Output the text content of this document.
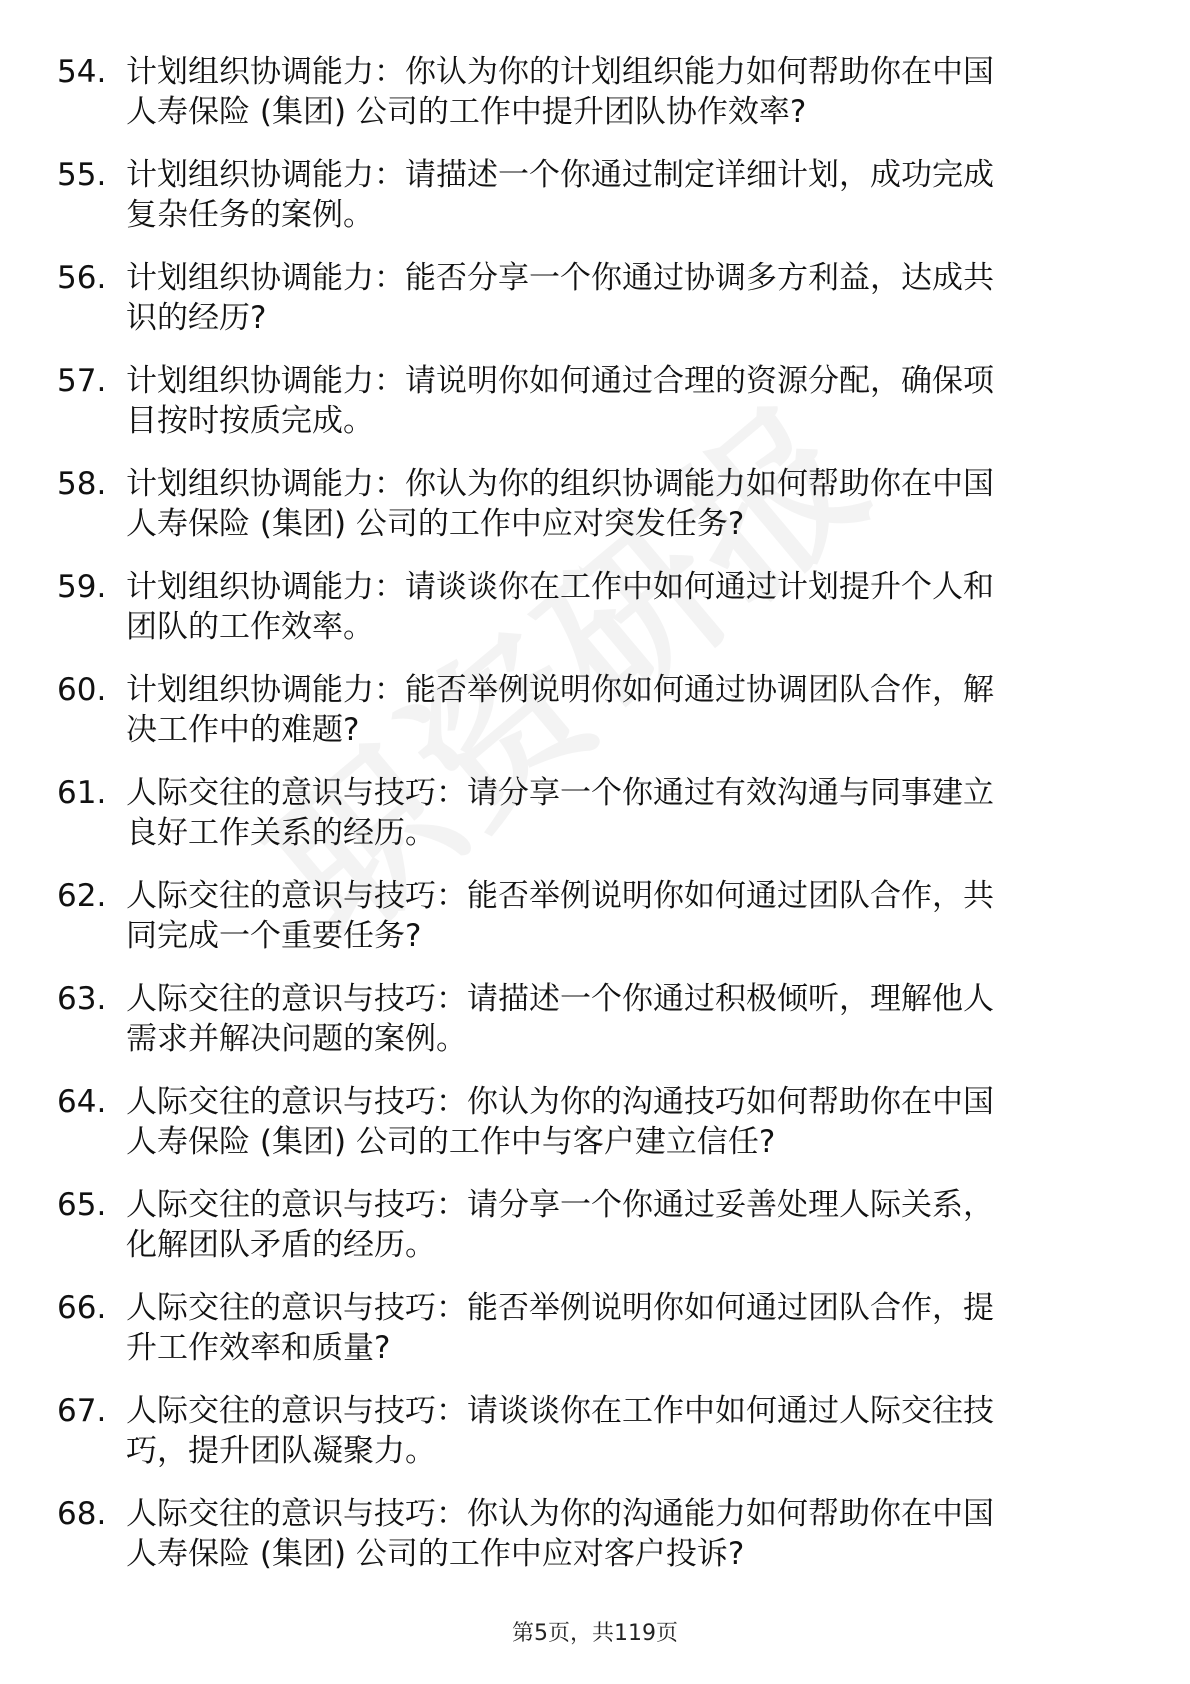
54. 计划组织协调能力：你认为你的计划组织能力如何帮助你在中国
人寿保险 (集团) 公司的工作中提升团队协作效率?
55. 计划组织协调能力：请描述一个你通过制定详细计划，成功完成
复杂任务的案例。
56. 计划组织协调能力：能否分享一个你通过协调多方利益，达成共
识的经历?
57. 计划组织协调能力：请说明你如何通过合理的资源分配，确保项
目按时按质完成。
58. 计划组织协调能力：你认为你的组织协调能力如何帮助你在中国
人寿保险 (集团) 公司的工作中应对突发任务?
59. 计划组织协调能力：请谈谈你在工作中如何通过计划提升个人和
团队的工作效率。
60. 计划组织协调能力：能否举例说明你如何通过协调团队合作，解
决工作中的难题?
61. 人际交往的意识与技巧：请分享一个你通过有效沟通与同事建立
良好工作关系的经历。
62. 人际交往的意识与技巧：能否举例说明你如何通过团队合作，共
同完成一个重要任务?
63. 人际交往的意识与技巧：请描述一个你通过积极倾听，理解他人
需求并解决问题的案例。
64. 人际交往的意识与技巧：你认为你的沟通技巧如何帮助你在中国
人寿保险 (集团) 公司的工作中与客户建立信任?
65. 人际交往的意识与技巧：请分享一个你通过妥善处理人际关系，
化解团队矛盾的经历。
66. 人际交往的意识与技巧：能否举例说明你如何通过团队合作，提
升工作效率和质量?
67. 人际交往的意识与技巧：请谈谈你在工作中如何通过人际交往技
巧，提升团队凝聚力。
68. 人际交往的意识与技巧：你认为你的沟通能力如何帮助你在中国
人寿保险 (集团) 公司的工作中应对客户投诉?
第5页，共119页
